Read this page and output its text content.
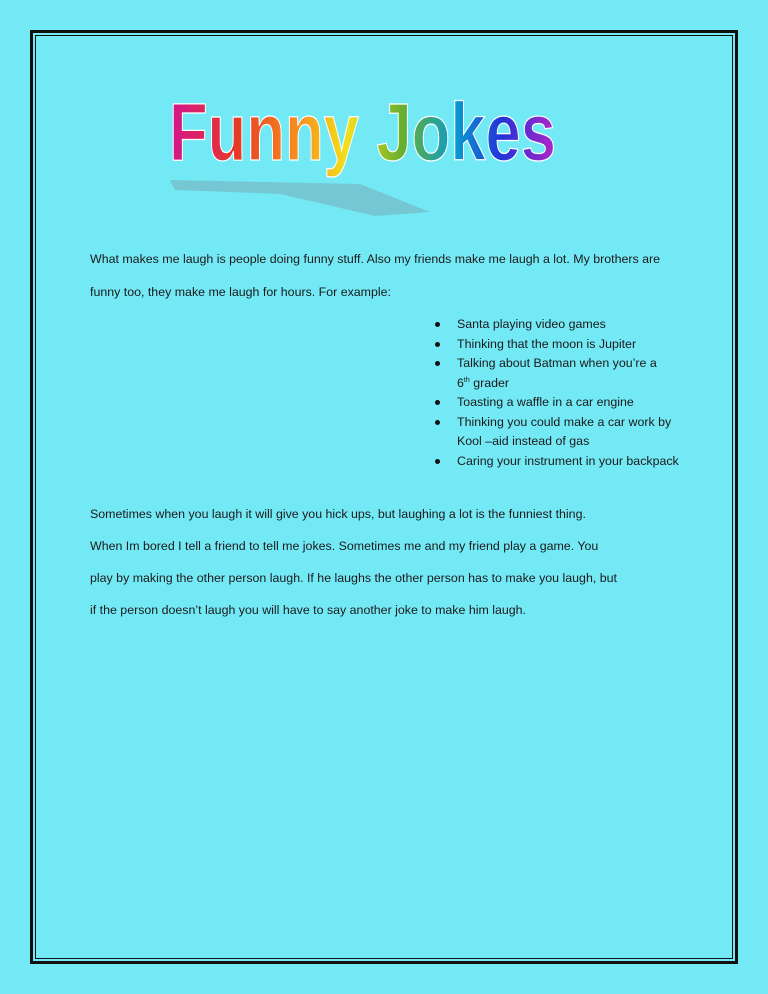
Funny Jokes
What makes me laugh is people doing funny stuff. Also my friends make me laugh a lot. My brothers are
funny too, they make me laugh for hours. For example:
Santa playing video games
Thinking that the moon is Jupiter
Talking about Batman when you’re a
6th grader
Toasting a waffle in a car engine
Thinking you could make a car work by Kool –aid instead of gas
Caring your instrument in your backpack
Sometimes when you laugh it will give you hick ups, but laughing a lot is the funniest thing.
When Im bored I tell a friend to tell me jokes. Sometimes me and my friend play a game. You
play by making the other person laugh. If he laughs the other person has to make you laugh, but
if the person doesn’t laugh you will have to say another joke to make him laugh.
